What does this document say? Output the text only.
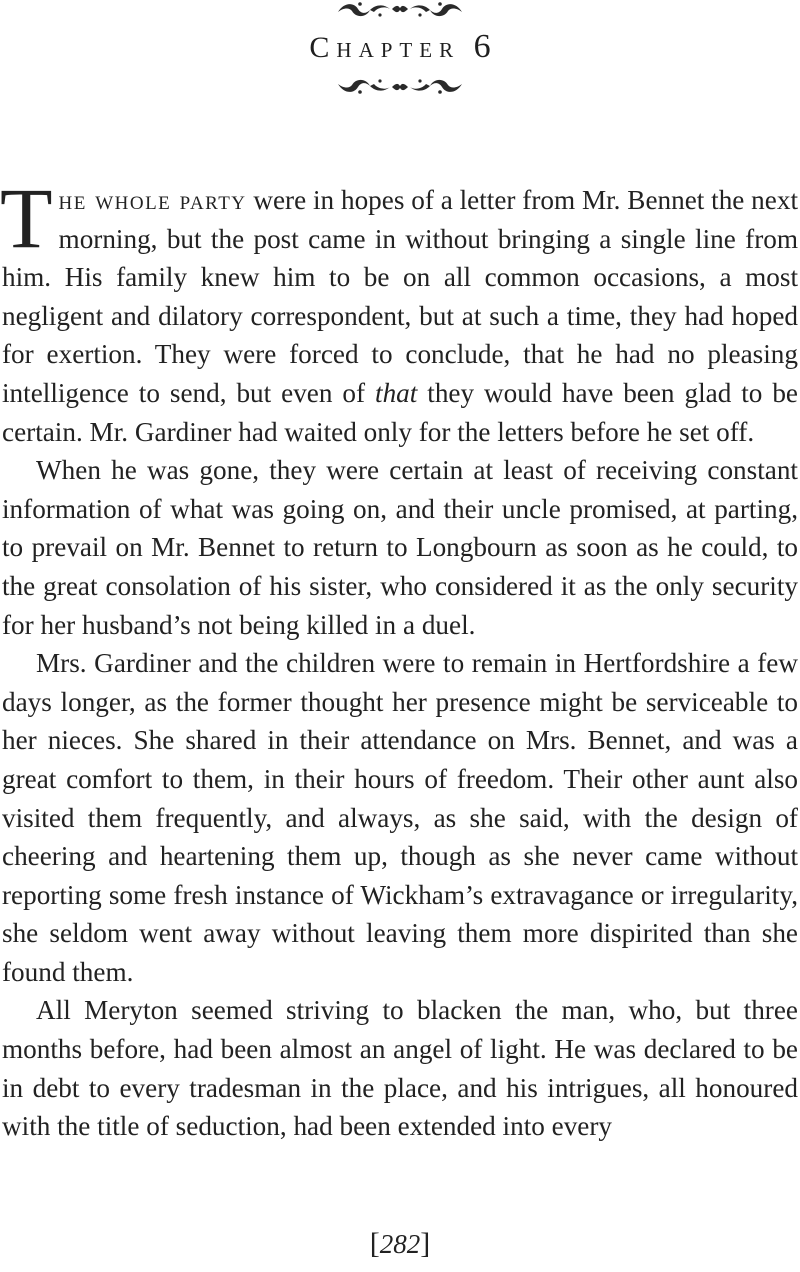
Chapter 6

The whole party were in hopes of a letter from Mr. Bennet the next morning, but the post came in without bringing a single line from him. His family knew him to be on all common occasions, a most negligent and dilatory correspondent, but at such a time, they had hoped for exertion. They were forced to conclude, that he had no pleasing intelligence to send, but even of that they would have been glad to be certain. Mr. Gardiner had waited only for the letters before he set off.

When he was gone, they were certain at least of receiving constant information of what was going on, and their uncle promised, at parting, to prevail on Mr. Bennet to return to Longbourn as soon as he could, to the great consolation of his sister, who considered it as the only security for her husband’s not being killed in a duel.

Mrs. Gardiner and the children were to remain in Hertfordshire a few days longer, as the former thought her presence might be serviceable to her nieces. She shared in their attendance on Mrs. Bennet, and was a great comfort to them, in their hours of freedom. Their other aunt also visited them frequently, and always, as she said, with the design of cheering and heartening them up, though as she never came without reporting some fresh instance of Wickham’s extravagance or irregularity, she seldom went away without leaving them more dispirited than she found them.

All Meryton seemed striving to blacken the man, who, but three months before, had been almost an angel of light. He was declared to be in debt to every tradesman in the place, and his intrigues, all honoured with the title of seduction, had been extended into every

[282]
